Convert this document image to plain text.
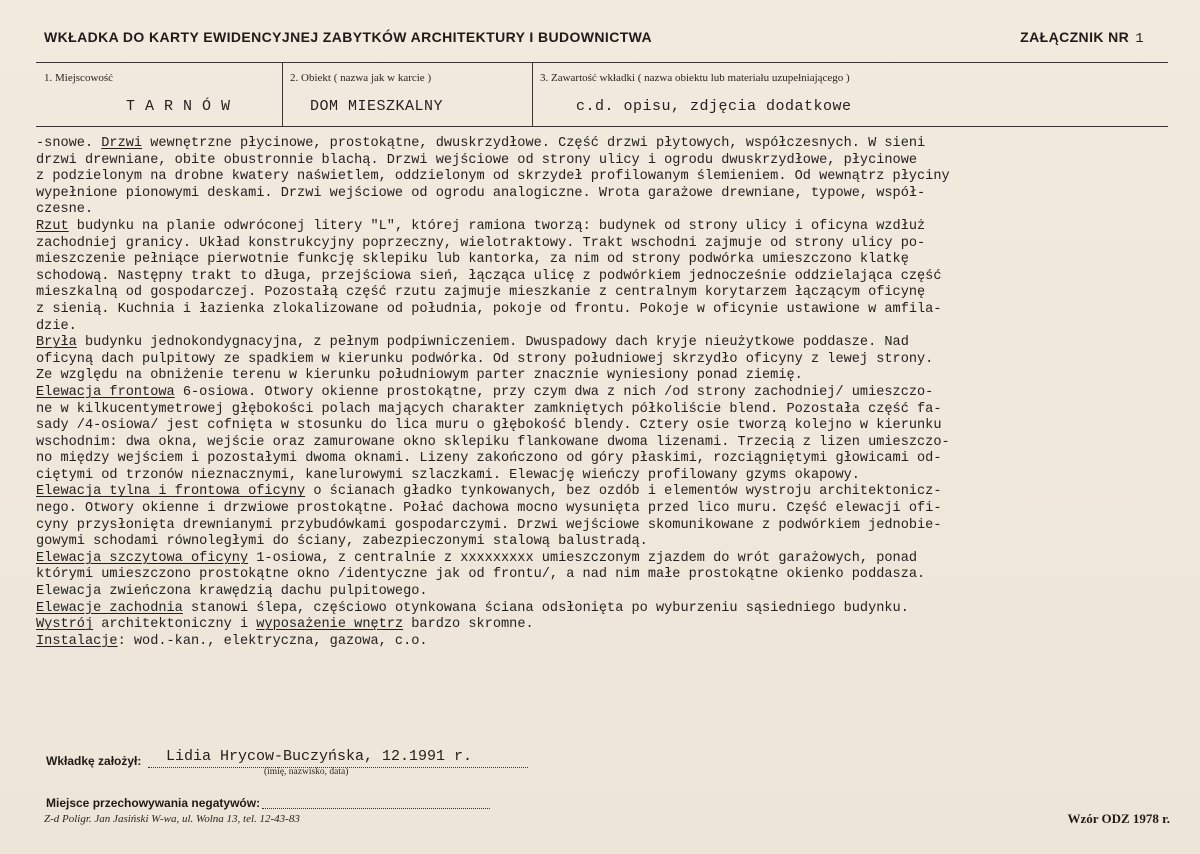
WKŁADKA DO KARTY EWIDENCYJNEJ ZABYTKÓW ARCHITEKTURY I BUDOWNICTWA	ZAŁĄCZNIK NR 1
1. Miejscowość	2. Obiekt ( nazwa jak w karcie )	3. Zawartość wkładki ( nazwa obiektu lub materiału uzupełniającego )
T A R N Ó W	DOM MIESZKALNY	c.d. opisu, zdjęcia dodatkowe
-snowe. Drzwi wewnętrzne płycinowe, prostokątne, dwuskrzydłowe. Część drzwi płytowych, współczesnych. W sieni
drzwi drewniane, obite obustronnie blachą. Drzwi wejściowe od strony ulicy i ogrodu dwuskrzydłowe, płycinowe
z podzielonym na drobne kwatery naświetlem, oddzielonym od skrzydeł profilowanym ślemieniem. Od wewnątrz płyciny
wypełnione pionowymi deskami. Drzwi wejściowe od ogrodu analogiczne. Wrota garażowe drewniane, typowe, współ-
czesne.
Rzut budynku na planie odwróconej litery "L", której ramiona tworzą: budynek od strony ulicy i oficyna wzdłuż
zachodniej granicy. Układ konstrukcyjny poprzeczny, wielotraktowy. Trakt wschodni zajmuje od strony ulicy po-
mieszczenie pełniące pierwotnie funkcję sklepiku lub kantorka, za nim od strony podwórka umieszczono klatkę
schodową. Następny trakt to długa, przejściowa sień, łącząca ulicę z podwórkiem jednocześnie oddzielająca część
mieszkalną od gospodarczej. Pozostałą część rzutu zajmuje mieszkanie z centralnym korytarzem łączącym oficynę
z sienią. Kuchnia i łazienka zlokalizowane od południa, pokoje od frontu. Pokoje w oficynie ustawione w amfila-
dzie.
Bryła budynku jednokondygnacyjna, z pełnym podpiwniczeniem. Dwuspadowy dach kryje nieużytkowe poddasze. Nad
oficyną dach pulpitowy ze spadkiem w kierunku podwórka. Od strony południowej skrzydło oficyny z lewej strony.
Ze względu na obniżenie terenu w kierunku południowym parter znacznie wyniesiony ponad ziemię.
Elewacja frontowa 6-osiowa. Otwory okienne prostokątne, przy czym dwa z nich /od strony zachodniej/ umieszczo-
ne w kilkucentymetrowej głębokości polach mających charakter zamkniętych półkoliście blend. Pozostała część fa-
sady /4-osiowa/ jest cofnięta w stosunku do lica muru o głębokość blendy. Cztery osie tworzą kolejno w kierunku
wschodnim: dwa okna, wejście oraz zamurowane okno sklepiku flankowane dwoma lizenami. Trzecią z lizen umieszczo-
no między wejściem i pozostałymi dwoma oknami. Lizeny zakończono od góry płaskimi, rozciągniętymi głowicami od-
ciętymi od trzonów nieznacznymi, kanelurowymi szlaczkami. Elewację wieńczy profilowany gzyms okapowy.
Elewacja tylna i frontowa oficyny o ścianach gładko tynkowanych, bez ozdób i elementów wystroju architektonicz-
nego. Otwory okienne i drzwiowe prostokątne. Połać dachowa mocno wysunięta przed lico muru. Część elewacji ofi-
cyny przysłonięta drewnianymi przybudówkami gospodarczymi. Drzwi wejściowe skomunikowane z podwórkiem jednobie-
gowymi schodami równoległymi do ściany, zabezpieczonymi stalową balustradą.
Elewacja szczytowa oficyny 1-osiowa, z centralnie z xxxxxxxxx umieszczonym zjazdem do wrót garażowych, ponad
którymi umieszczono prostokątne okno /identyczne jak od frontu/, a nad nim małe prostokątne okienko poddasza.
Elewacja zwieńczona krawędzią dachu pulpitowego.
Elewacje zachodnia stanowi ślepa, częściowo otynkowana ściana odsłonięta po wyburzeniu sąsiedniego budynku.
Wystrój architektoniczny i wyposażenie wnętrz bardzo skromne.
Instalacje: wod.-kan., elektryczna, gazowa, c.o.
Wkładkę założył: Lidia Hrycow-Buczyńska, 12.1991 r.
(imię, nazwisko, data)
Miejsce przechowywania negatywów:
Z-d Poligr. Jan Jasiński W-wa, ul. Wolna 13, tel. 12-43-83	Wzór ODZ 1978 r.
